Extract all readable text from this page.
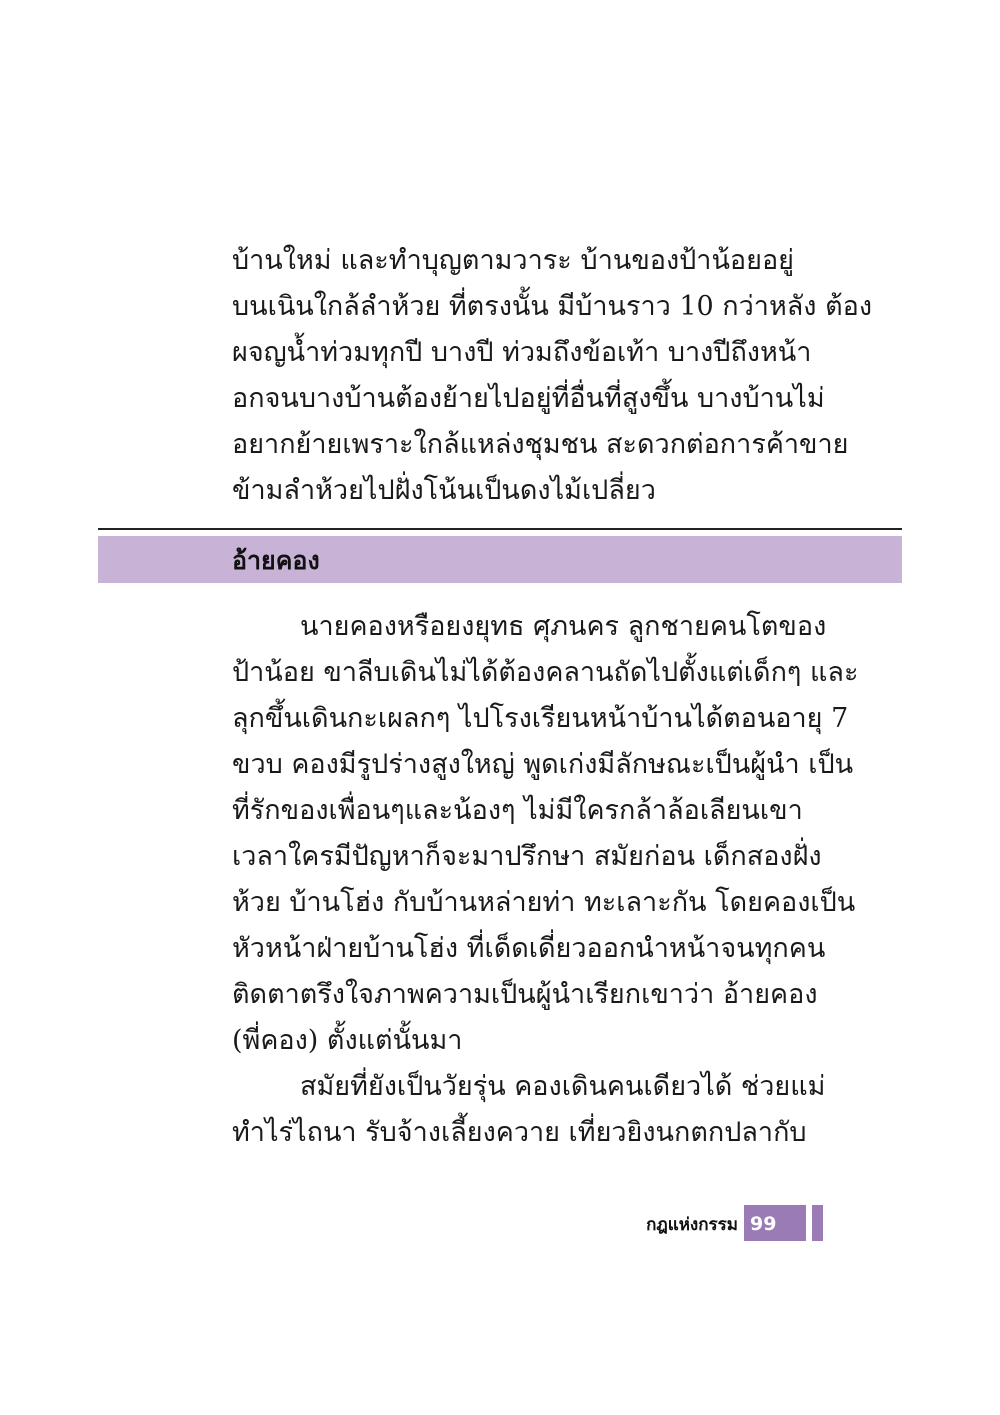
บ้านใหม่ และทำบุญตามวาระ บ้านของป้าน้อยอยู่
บนเนินใกล้ลำห้วย ที่ตรงนั้น มีบ้านราว 10 กว่าหลัง ต้อง
ผจญน้ำท่วมทุกปี บางปี ท่วมถึงข้อเท้า บางปีถึงหน้า
อกจนบางบ้านต้องย้ายไปอยู่ที่อื่นที่สูงขึ้น บางบ้านไม่
อยากย้ายเพราะใกล้แหล่งชุมชน สะดวกต่อการค้าขาย
ข้ามลำห้วยไปฝั่งโน้นเป็นดงไม้เปลี่ยว
อ้ายคอง
นายคองหรือยงยุทธ ศุภนคร ลูกชายคนโตของ
ป้าน้อย ขาลีบเดินไม่ได้ต้องคลานถัดไปตั้งแต่เด็กๆ และ
ลุกขึ้นเดินกะเผลกๆ ไปโรงเรียนหน้าบ้านได้ตอนอายุ 7
ขวบ คองมีรูปร่างสูงใหญ่ พูดเก่งมีลักษณะเป็นผู้นำ เป็น
ที่รักของเพื่อนๆและน้องๆ ไม่มีใครกล้าล้อเลียนเขา
เวลาใครมีปัญหาก็จะมาปรึกษา สมัยก่อน เด็กสองฝั่ง
ห้วย บ้านโฮ่ง กับบ้านหล่ายท่า ทะเลาะกัน โดยคองเป็น
หัวหน้าฝ่ายบ้านโฮ่ง ที่เด็ดเดี่ยวออกนำหน้าจนทุกคน
ติดตาตรึงใจภาพความเป็นผู้นำเรียกเขาว่า อ้ายคอง
(พี่คอง) ตั้งแต่นั้นมา
สมัยที่ยังเป็นวัยรุ่น คองเดินคนเดียวได้ ช่วยแม่
ทำไร่ไถนา รับจ้างเลี้ยงควาย เที่ยวยิงนกตกปลากับ
กฎแห่งกรรม 99
